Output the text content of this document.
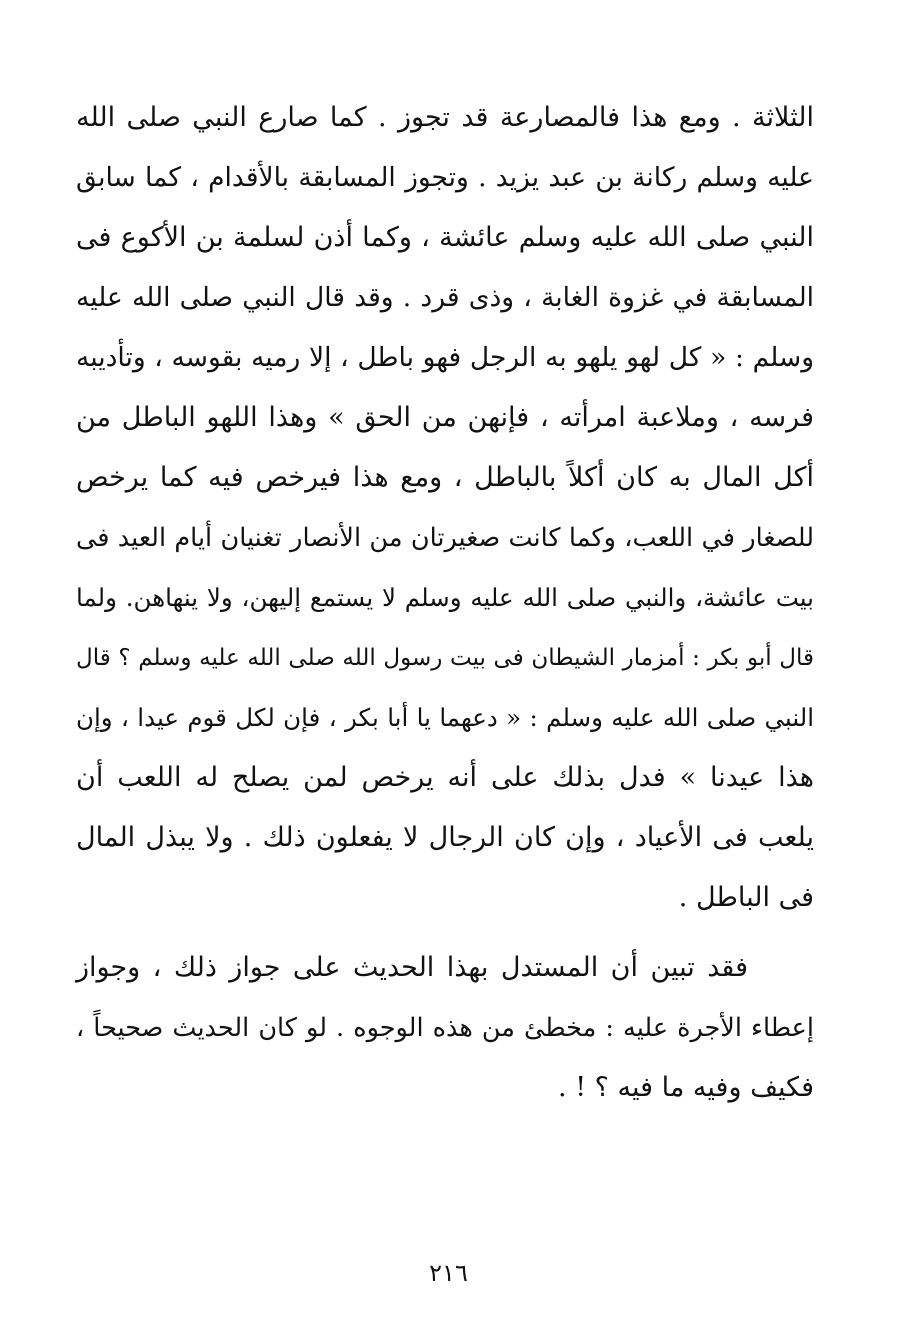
الثلاثة . ومع هذا فالمصارعة قد تجوز . كما صارع النبي صلى الله
عليه وسلم ركانة بن عبد يزيد . وتجوز المسابقة بالأقدام ، كما سابق
النبي صلى الله عليه وسلم عائشة ، وكما أذن لسلمة بن الأكوع فى
المسابقة في غزوة الغابة ، وذى قرد . وقد قال النبي صلى الله عليه
وسلم : « كل لهو يلهو به الرجل فهو باطل ، إلا رميه بقوسه ، وتأديبه
فرسه ، وملاعبة امرأته ، فإنهن من الحق » وهذا اللهو الباطل من
أكل المال به كان أكلاً بالباطل ، ومع هذا فيرخص فيه كما يرخص
للصغار في اللعب، وكما كانت صغيرتان من الأنصار تغنيان أيام العيد فى
بيت عائشة، والنبي صلى الله عليه وسلم لا يستمع إليهن، ولا ينهاهن. ولما
قال أبو بكر : أمزمار الشيطان فى بيت رسول الله صلى الله عليه وسلم ؟ قال
النبي صلى الله عليه وسلم : « دعهما يا أبا بكر ، فإن لكل قوم عيدا ، وإن
هذا عيدنا » فدل بذلك على أنه يرخص لمن يصلح له اللعب أن
يلعب فى الأعياد ، وإن كان الرجال لا يفعلون ذلك . ولا يبذل المال
فى الباطل .
فقد تبين أن المستدل بهذا الحديث على جواز ذلك ، وجواز
إعطاء الأجرة عليه : مخطئ من هذه الوجوه . لو كان الحديث صحيحاً ،
فكيف وفيه ما فيه ؟ ! .
٢١٦
